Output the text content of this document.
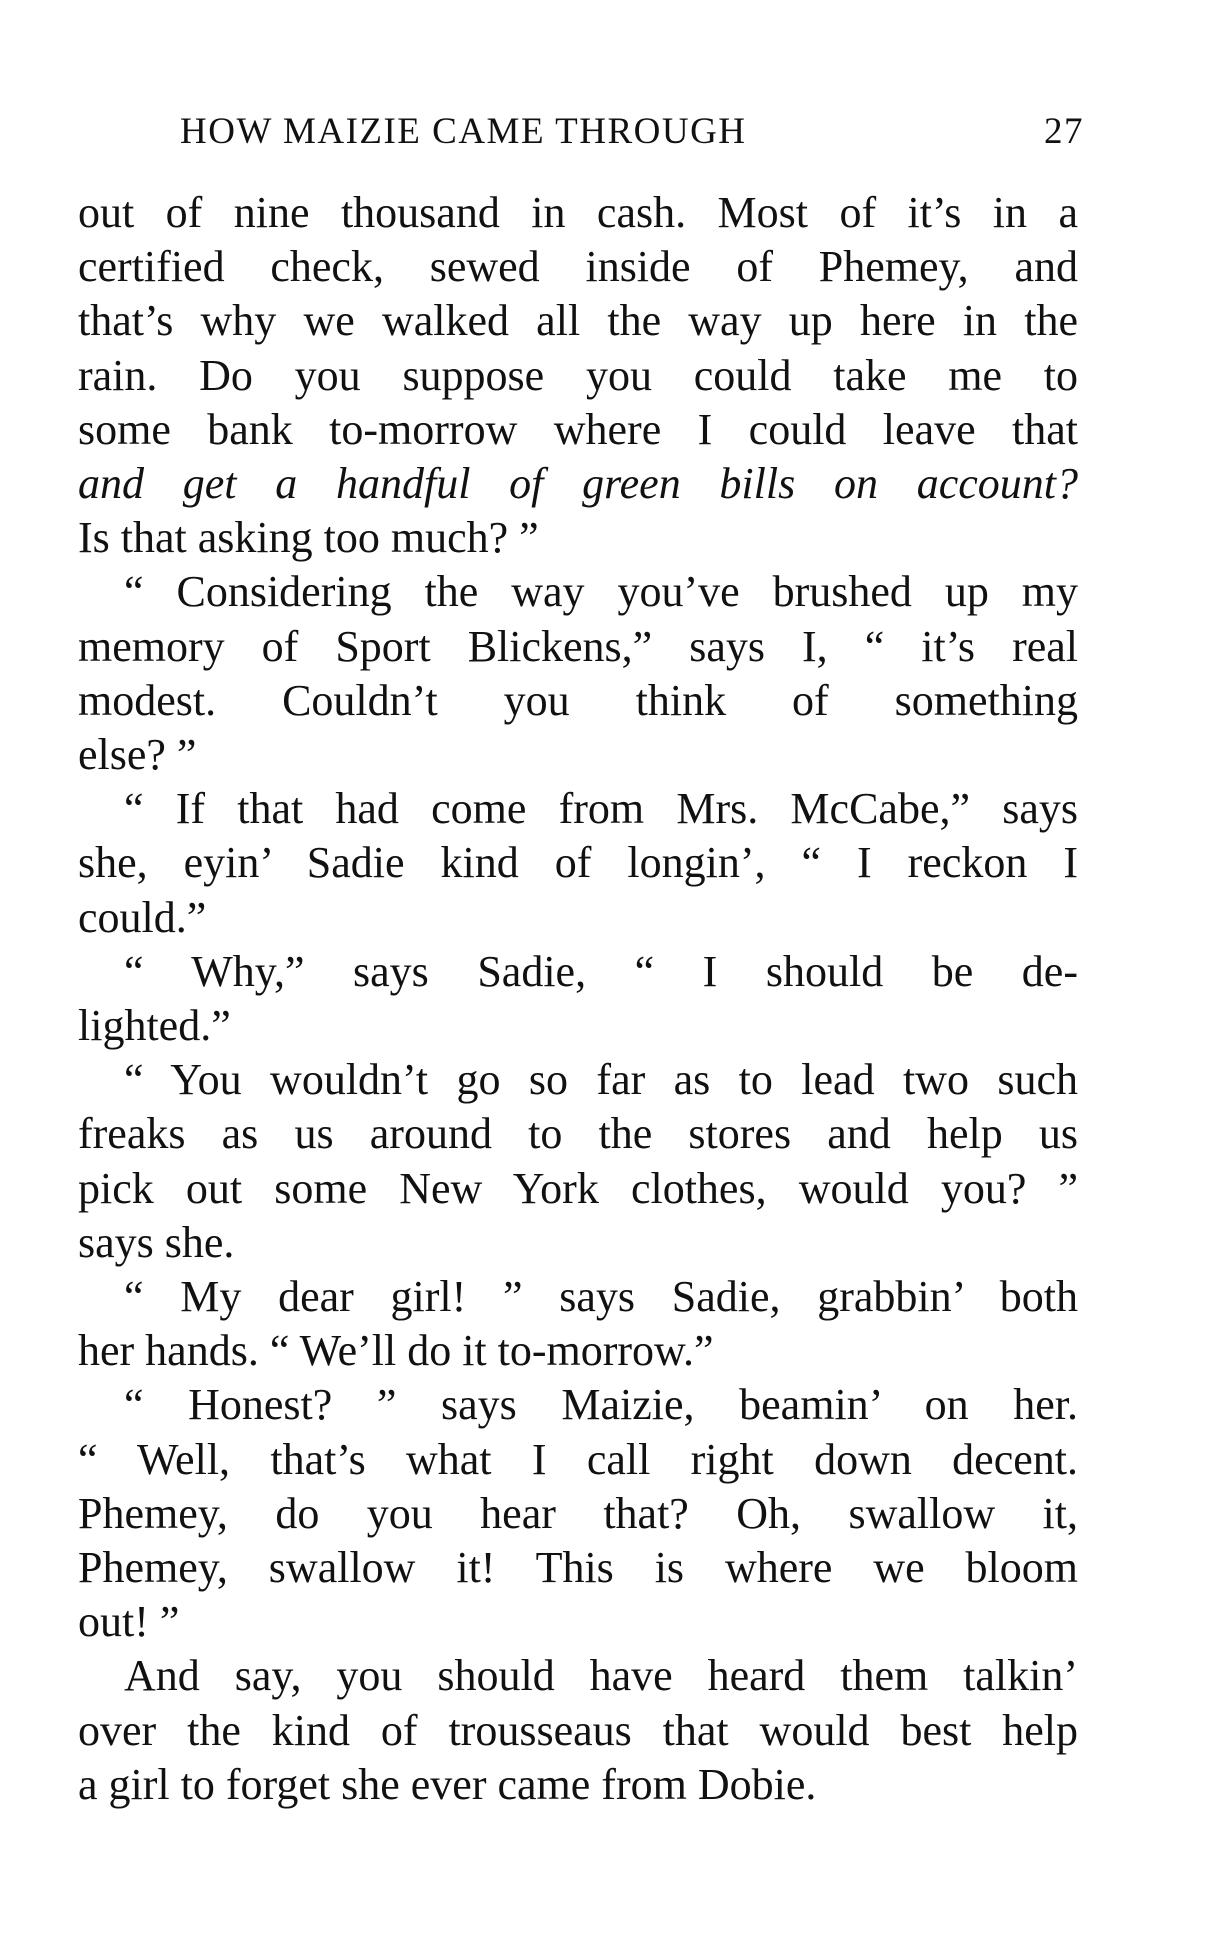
HOW MAIZIE CAME THROUGH	27

out of nine thousand in cash. Most of it’s in a
certified check, sewed inside of Phemey, and
that’s why we walked all the way up here in the
rain. Do you suppose you could take me to
some bank to-morrow where I could leave that
and get a handful of green bills on account?
Is that asking too much? ”

“ Considering the way you’ve brushed up my
memory of Sport Blickens,” says I, “ it’s real
modest. Couldn’t you think of something
else? ”

“ If that had come from Mrs. McCabe,” says
she, eyin’ Sadie kind of longin’, “ I reckon I
could.”

“ Why,” says Sadie, “ I should be de-
lighted.”

“ You wouldn’t go so far as to lead two such
freaks as us around to the stores and help us
pick out some New York clothes, would you? ”
says she.

“ My dear girl! ” says Sadie, grabbin’ both
her hands. “ We’ll do it to-morrow.”

“ Honest? ” says Maizie, beamin’ on her.
“ Well, that’s what I call right down decent.
Phemey, do you hear that? Oh, swallow it,
Phemey, swallow it! This is where we bloom
out! ”

And say, you should have heard them talkin’
over the kind of trousseaus that would best help
a girl to forget she ever came from Dobie.
